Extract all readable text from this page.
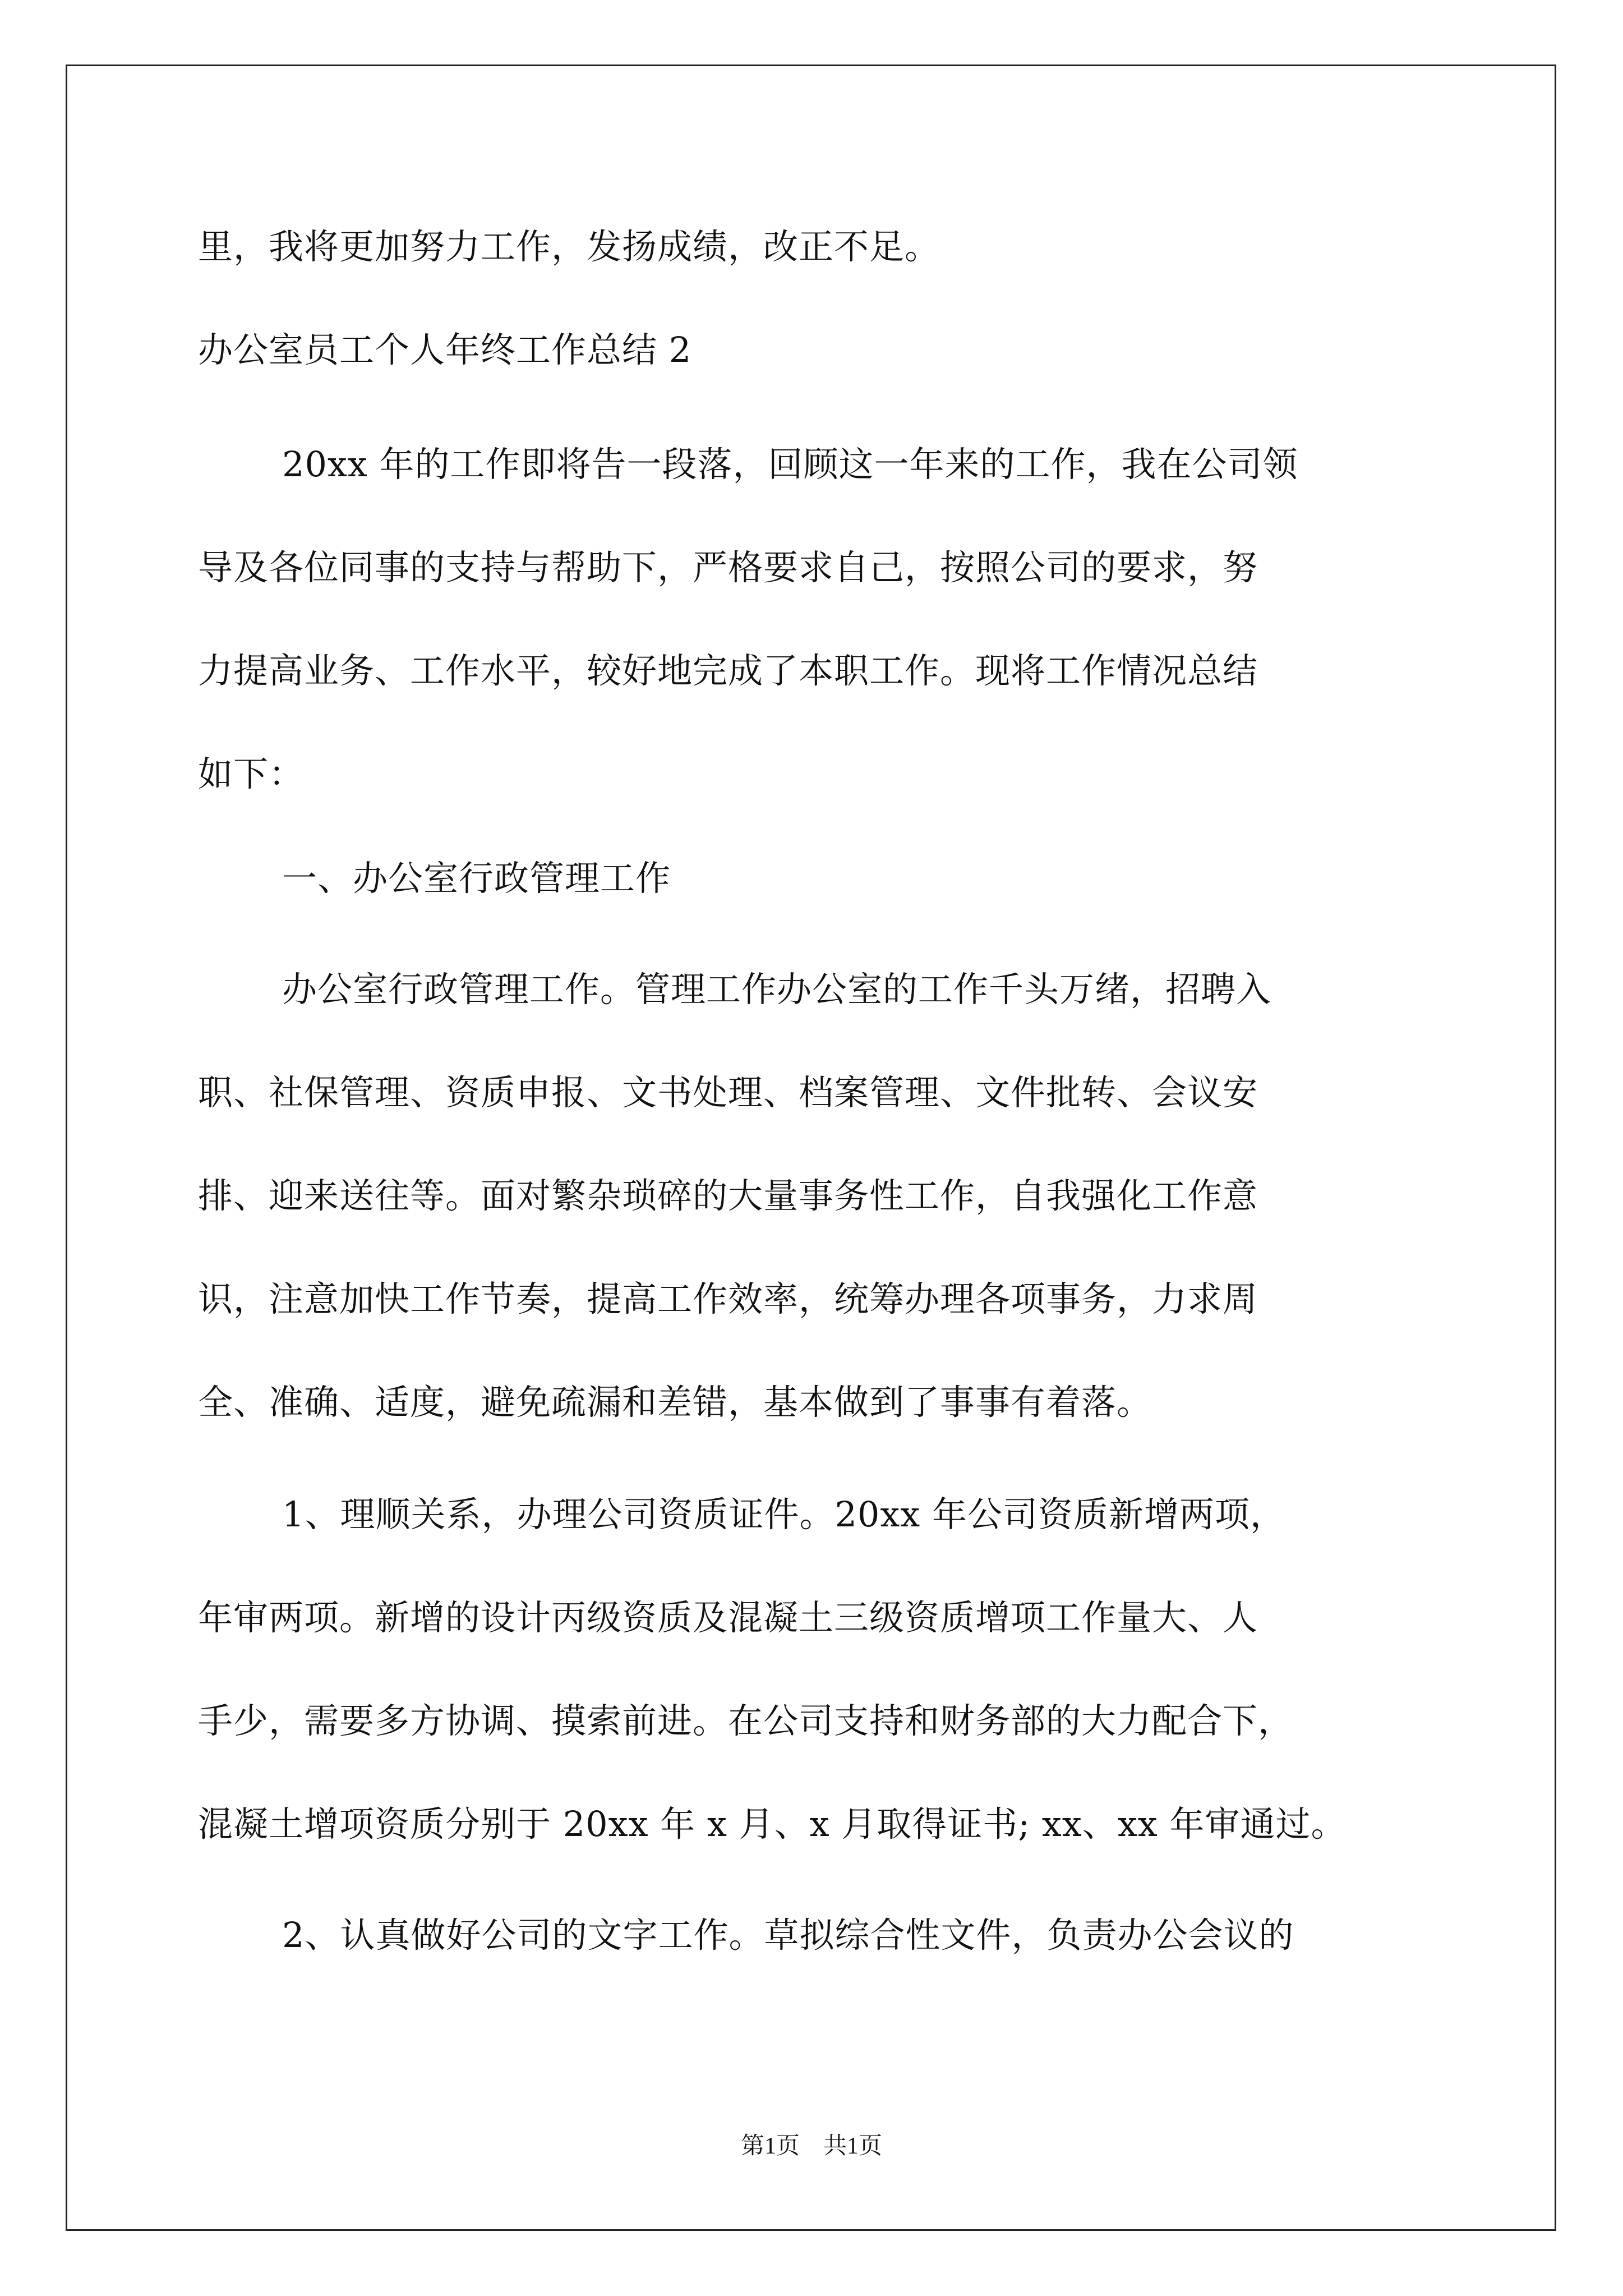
里，我将更加努力工作，发扬成绩，改正不足。
办公室员工个人年终工作总结 2
20xx 年的工作即将告一段落，回顾这一年来的工作，我在公司领
导及各位同事的支持与帮助下，严格要求自己，按照公司的要求，努
力提高业务、工作水平，较好地完成了本职工作。现将工作情况总结
如下：
一、办公室行政管理工作
办公室行政管理工作。管理工作办公室的工作千头万绪，招聘入
职、社保管理、资质申报、文书处理、档案管理、文件批转、会议安
排、迎来送往等。面对繁杂琐碎的大量事务性工作，自我强化工作意
识，注意加快工作节奏，提高工作效率，统筹办理各项事务，力求周
全、准确、适度，避免疏漏和差错，基本做到了事事有着落。
1、理顺关系，办理公司资质证件。20xx 年公司资质新增两项，
年审两项。新增的设计丙级资质及混凝土三级资质增项工作量大、人
手少，需要多方协调、摸索前进。在公司支持和财务部的大力配合下，
混凝土增项资质分别于 20xx 年 x 月、x 月取得证书; xx、xx 年审通过。
2、认真做好公司的文字工作。草拟综合性文件，负责办公会议的
第1页　共1页
